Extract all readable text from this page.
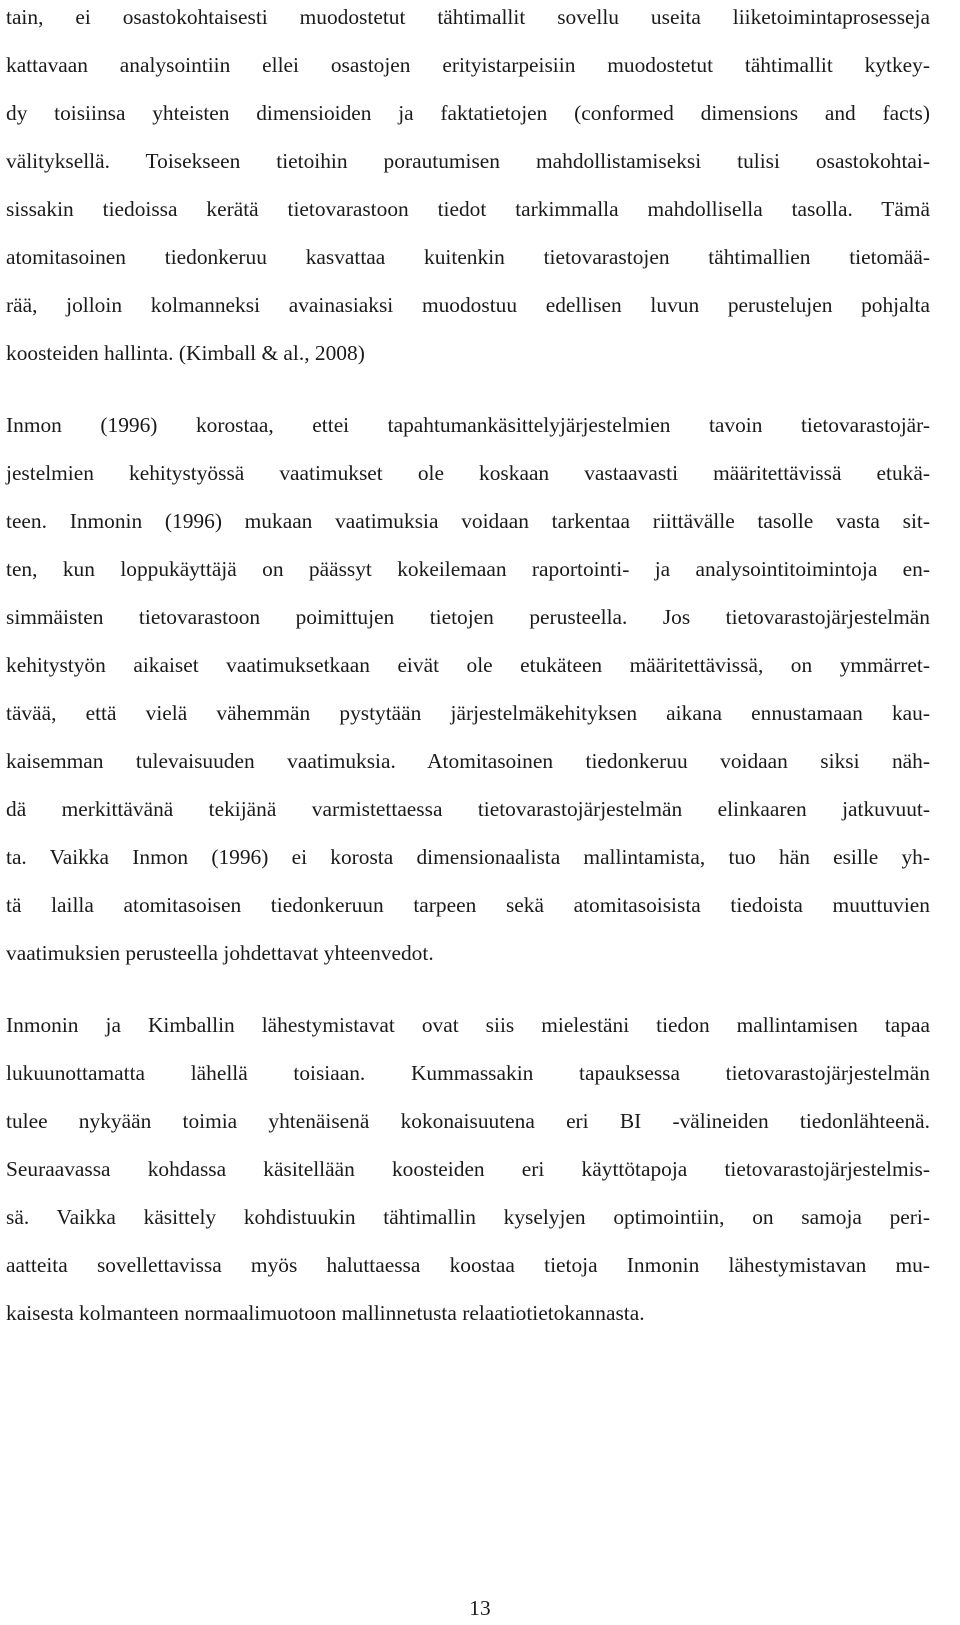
tain, ei osastokohtaisesti muodostetut tähtimallit sovellu useita liiketoimintaprosesseja
kattavaan analysointiin ellei osastojen erityistarpeisiin muodostetut tähtimallit kytkey-
dy toisiinsa yhteisten dimensioiden ja faktatietojen (conformed dimensions and facts)
välityksellä. Toisekseen tietoihin porautumisen mahdollistamiseksi tulisi osastokohtai-
sissakin tiedoissa kerätä tietovarastoon tiedot tarkimmalla mahdollisella tasolla. Tämä
atomitasoinen tiedonkeruu kasvattaa kuitenkin tietovarastojen tähtimallien tietomää-
rää, jolloin kolmanneksi avainasiaksi muodostuu edellisen luvun perustelujen pohjalta
koosteiden hallinta. (Kimball & al., 2008)
Inmon (1996) korostaa, ettei tapahtumankäsittelyjärjestelmien tavoin tietovarastojär-
jestelmien kehitystyössä vaatimukset ole koskaan vastaavasti määritettävissä etukä-
teen. Inmonin (1996) mukaan vaatimuksia voidaan tarkentaa riittävälle tasolle vasta sit-
ten, kun loppukäyttäjä on päässyt kokeilemaan raportointi- ja analysointitoimintoja en-
simmäisten tietovarastoon poimittujen tietojen perusteella. Jos tietovarastojärjestelmän
kehitystyön aikaiset vaatimuksetkaan eivät ole etukäteen määritettävissä, on ymmärret-
tävää, että vielä vähemmän pystytään järjestelmäkehityksen aikana ennustamaan kau-
kaisemman tulevaisuuden vaatimuksia. Atomitasoinen tiedonkeruu voidaan siksi näh-
dä merkittävänä tekijänä varmistettaessa tietovarastojärjestelmän elinkaaren jatkuvuut-
ta. Vaikka Inmon (1996) ei korosta dimensionaalista mallintamista, tuo hän esille yh-
tä lailla atomitasoisen tiedonkeruun tarpeen sekä atomitasoisista tiedoista muuttuvien
vaatimuksien perusteella johdettavat yhteenvedot.
Inmonin ja Kimballin lähestymistavat ovat siis mielestäni tiedon mallintamisen tapaa
lukuunottamatta lähellä toisiaan. Kummassakin tapauksessa tietovarastojärjestelmän
tulee nykyään toimia yhtenäisenä kokonaisuutena eri BI -välineiden tiedonlähteenä.
Seuraavassa kohdassa käsitellään koosteiden eri käyttötapoja tietovarastojärjestelmis-
sä. Vaikka käsittely kohdistuukin tähtimallin kyselyjen optimointiin, on samoja peri-
aatteita sovellettavissa myös haluttaessa koostaa tietoja Inmonin lähestymistavan mu-
kaisesta kolmanteen normaalimuotoon mallinnetusta relaatiotietokannasta.
13
